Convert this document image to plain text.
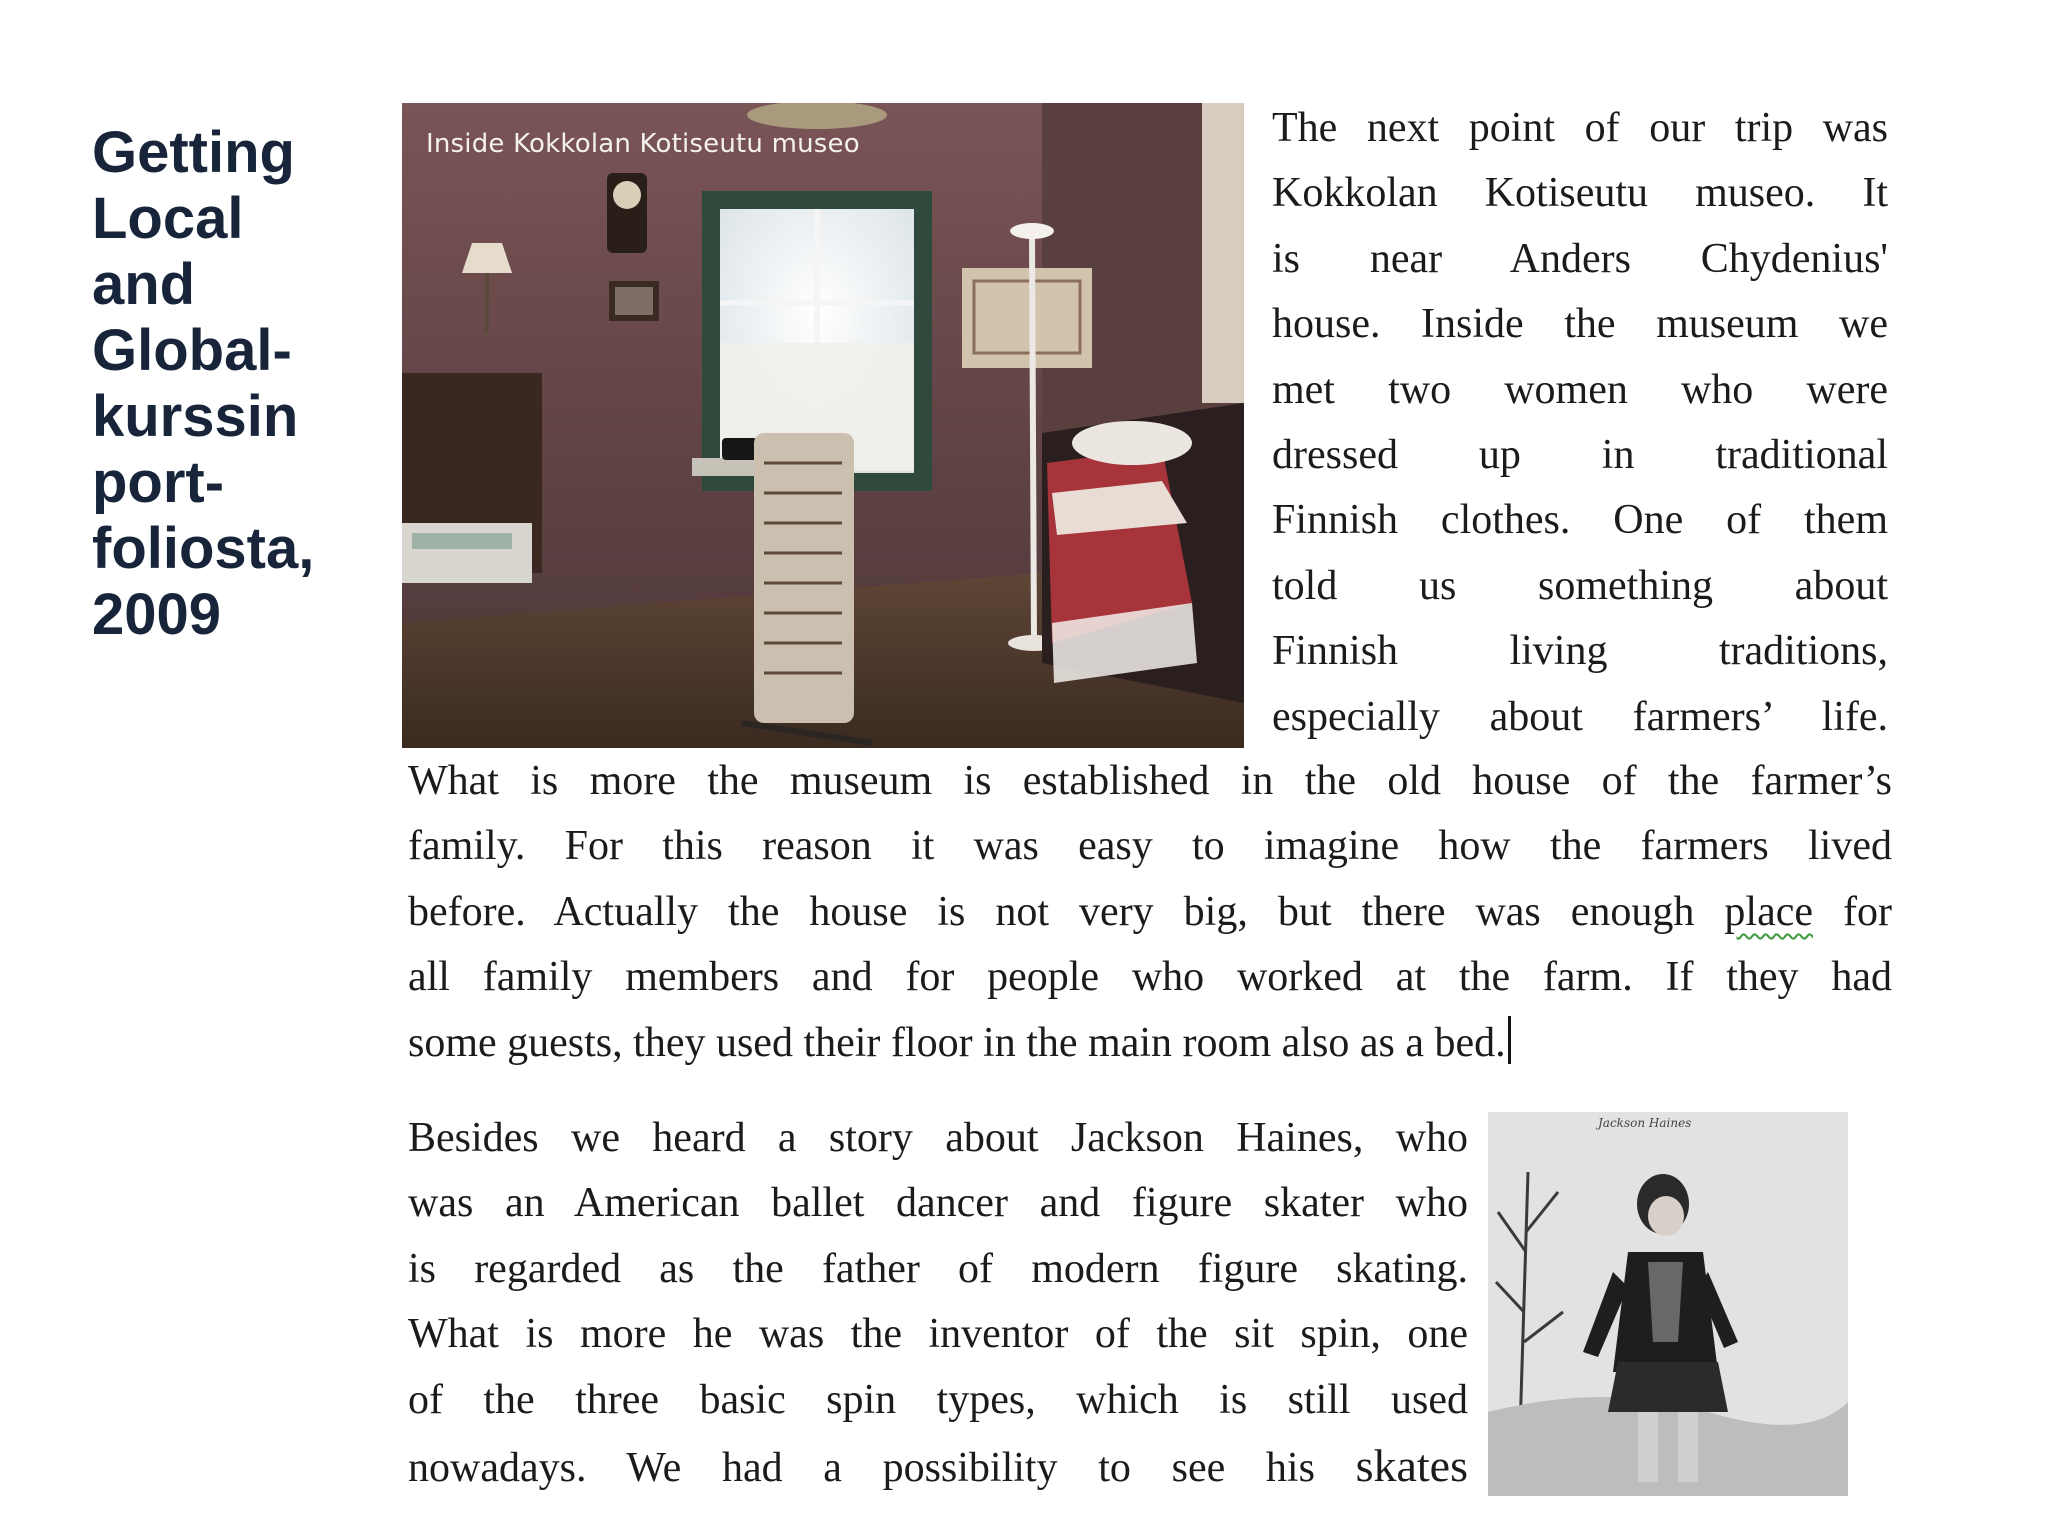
Getting
Local
and
Global-
kurssin
port-
foliosta,
2009
Inside Kokkolan Kotiseutu museo	The next point of our trip was
Kokkolan Kotiseutu museo. It
is near Anders Chydenius'
house. Inside the museum we
met two women who were
dressed up in traditional
Finnish clothes. One of them
told us something about
Finnish living traditions,
especially about farmers’ life.
What is more the museum is established in the old house of the farmer’s
family. For this reason it was easy to imagine how the farmers lived
before. Actually the house is not very big, but there was enough place for
all family members and for people who worked at the farm. If they had
some guests, they used their floor in the main room also as a bed.
Besides we heard a story about Jackson Haines, who
was an American ballet dancer and figure skater who
is regarded as the father of modern figure skating.
What is more he was the inventor of the sit spin, one
of the three basic spin types, which is still used
nowadays. We had a possibility to see his skates
Jackson Haines
